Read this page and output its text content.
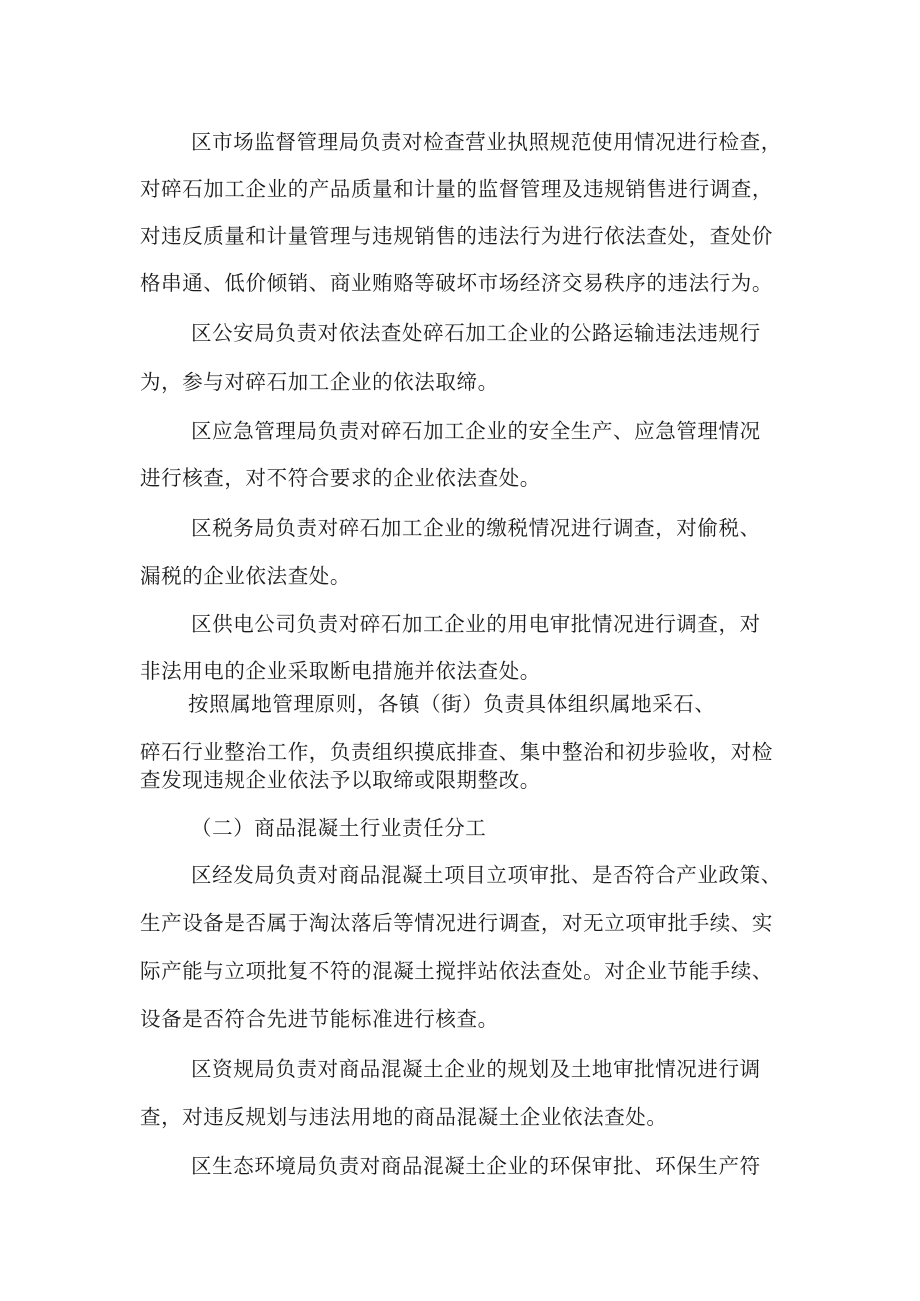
区市场监督管理局负责对检查营业执照规范使用情况进行检查，
对碎石加工企业的产品质量和计量的监督管理及违规销售进行调查，
对违反质量和计量管理与违规销售的违法行为进行依法查处，查处价
格串通、低价倾销、商业贿赂等破坏市场经济交易秩序的违法行为。
区公安局负责对依法查处碎石加工企业的公路运输违法违规行
为，参与对碎石加工企业的依法取缔。
区应急管理局负责对碎石加工企业的安全生产、应急管理情况
进行核查，对不符合要求的企业依法查处。
区税务局负责对碎石加工企业的缴税情况进行调查，对偷税、
漏税的企业依法查处。
区供电公司负责对碎石加工企业的用电审批情况进行调查，对
非法用电的企业采取断电措施并依法查处。
按照属地管理原则，各镇（街）负责具体组织属地采石、
碎石行业整治工作，负责组织摸底排查、集中整治和初步验收，对检
查发现违规企业依法予以取缔或限期整改。
（二）商品混凝土行业责任分工
区经发局负责对商品混凝土项目立项审批、是否符合产业政策、
生产设备是否属于淘汰落后等情况进行调查，对无立项审批手续、实
际产能与立项批复不符的混凝土搅拌站依法查处。对企业节能手续、
设备是否符合先进节能标准进行核查。
区资规局负责对商品混凝土企业的规划及土地审批情况进行调
查，对违反规划与违法用地的商品混凝土企业依法查处。
区生态环境局负责对商品混凝土企业的环保审批、环保生产符
